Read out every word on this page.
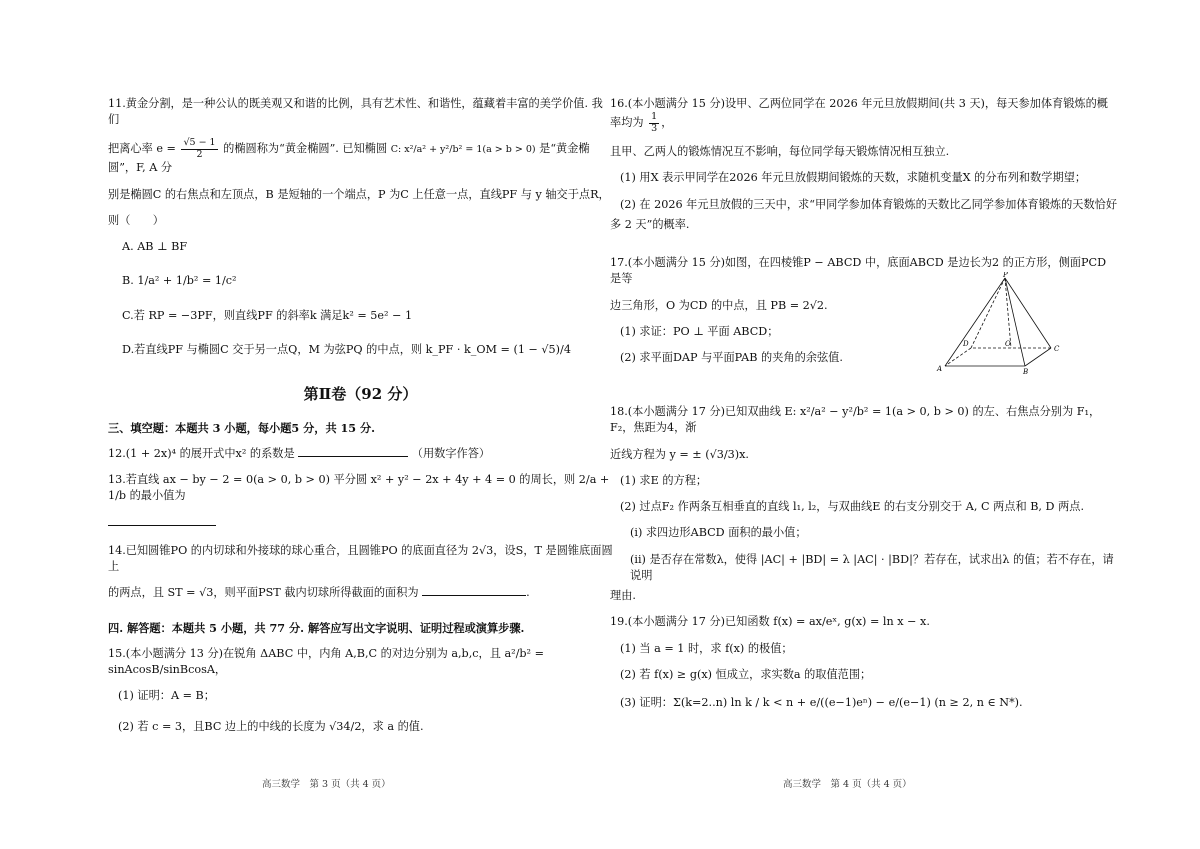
11.黄金分割，是一种公认的既美观又和谐的比例，具有艺术性、和谐性，蕴藏着丰富的美学价值. 我们
把离心率 $e = \frac{√5 - 1}{2}$ 的椭圆称为“黄金椭圆”. 已知椭圆 C: x²/a² + y²/b² = 1(a > b > 0) 是“黄金椭圆”，F, A 分
别是椭圆C 的右焦点和左顶点，B 是短轴的一个端点，P 为C 上任意一点，直线PF 与 y 轴交于点R，
则（　　）
A. AB ⊥ BF
B. 1/a² + 1/b² = 1/c²
C.若 RP = −3PF，则直线PF 的斜率k 满足k² = 5e² − 1
D.若直线PF 与椭圆C 交于另一点Q，M 为弦PQ 的中点，则 k_PF · k_OM = (1 − √5)/4
第Ⅱ卷（92 分）
三、填空题：本题共 3 小题，每小题5 分，共 15 分.
12.(1 + 2x)⁴ 的展开式中x² 的系数是	（用数字作答）
13.若直线 ax − by − 2 = 0(a > 0, b > 0) 平分圆 x² + y² − 2x + 4y + 4 = 0 的周长，则 2/a + 1/b 的最小值为
14.已知圆锥PO 的内切球和外接球的球心重合，且圆锥PO 的底面直径为 2√3，设S，T 是圆锥底面圆上
的两点，且 ST = √3，则平面PST 截内切球所得截面的面积为	.
四. 解答题：本题共 5 小题，共 77 分. 解答应写出文字说明、证明过程或演算步骤.
15.(本小题满分 13 分)在锐角 ΔABC 中，内角 A,B,C 的对边分别为 a,b,c，且 a²/b² = sinAcosB/sinBcosA，
(1) 证明：A = B；
(2) 若 c = 3，且BC 边上的中线的长度为 √34/2，求 a 的值.
高三数学　第 3 页（共 4 页）
16.(本小题满分 15 分)设甲、乙两位同学在 2026 年元旦放假期间(共 3 天)，每天参加体育锻炼的概率均为 $\frac{1}{3}$ ，
且甲、乙两人的锻炼情况互不影响，每位同学每天锻炼情况相互独立.
(1) 用X 表示甲同学在2026 年元旦放假期间锻炼的天数，求随机变量X 的分布列和数学期望；
(2) 在 2026 年元旦放假的三天中，求“甲同学参加体育锻炼的天数比乙同学参加体育锻炼的天数恰好
多 2 天”的概率.
17.(本小题满分 15 分)如图，在四棱锥P − ABCD 中，底面ABCD 是边长为2 的正方形，侧面PCD 是等
边三角形，O 为CD 的中点，且 PB = 2√2.
(1) 求证：PO ⊥ 平面 ABCD；
(2) 求平面DAP 与平面PAB 的夹角的余弦值.
18.(本小题满分 17 分)已知双曲线 E: x²/a² − y²/b² = 1(a > 0, b > 0) 的左、右焦点分别为 F₁，F₂，焦距为4，渐
近线方程为 y = ± (√3/3)x.
(1) 求E 的方程；
(2) 过点F₂ 作两条互相垂直的直线 l₁, l₂，与双曲线E 的右支分别交于 A, C 两点和 B, D 两点.
(i) 求四边形ABCD 面积的最小值；
(ii) 是否存在常数λ，使得 |AC| + |BD| = λ |AC| · |BD|？若存在，试求出λ 的值；若不存在，请说明
理由.
19.(本小题满分 17 分)已知函数 f(x) = ax/eˣ, g(x) = ln x − x.
(1) 当 a = 1 时，求 f(x) 的极值；
(2) 若 f(x) ≥ g(x) 恒成立，求实数a 的取值范围；
(3) 证明：Σ(k=2..n) ln k / k < n + e/((e−1)eⁿ) − e/(e−1) (n ≥ 2, n ∈ N*).
P
A	B
C
D	O
高三数学　第 4 页（共 4 页）
